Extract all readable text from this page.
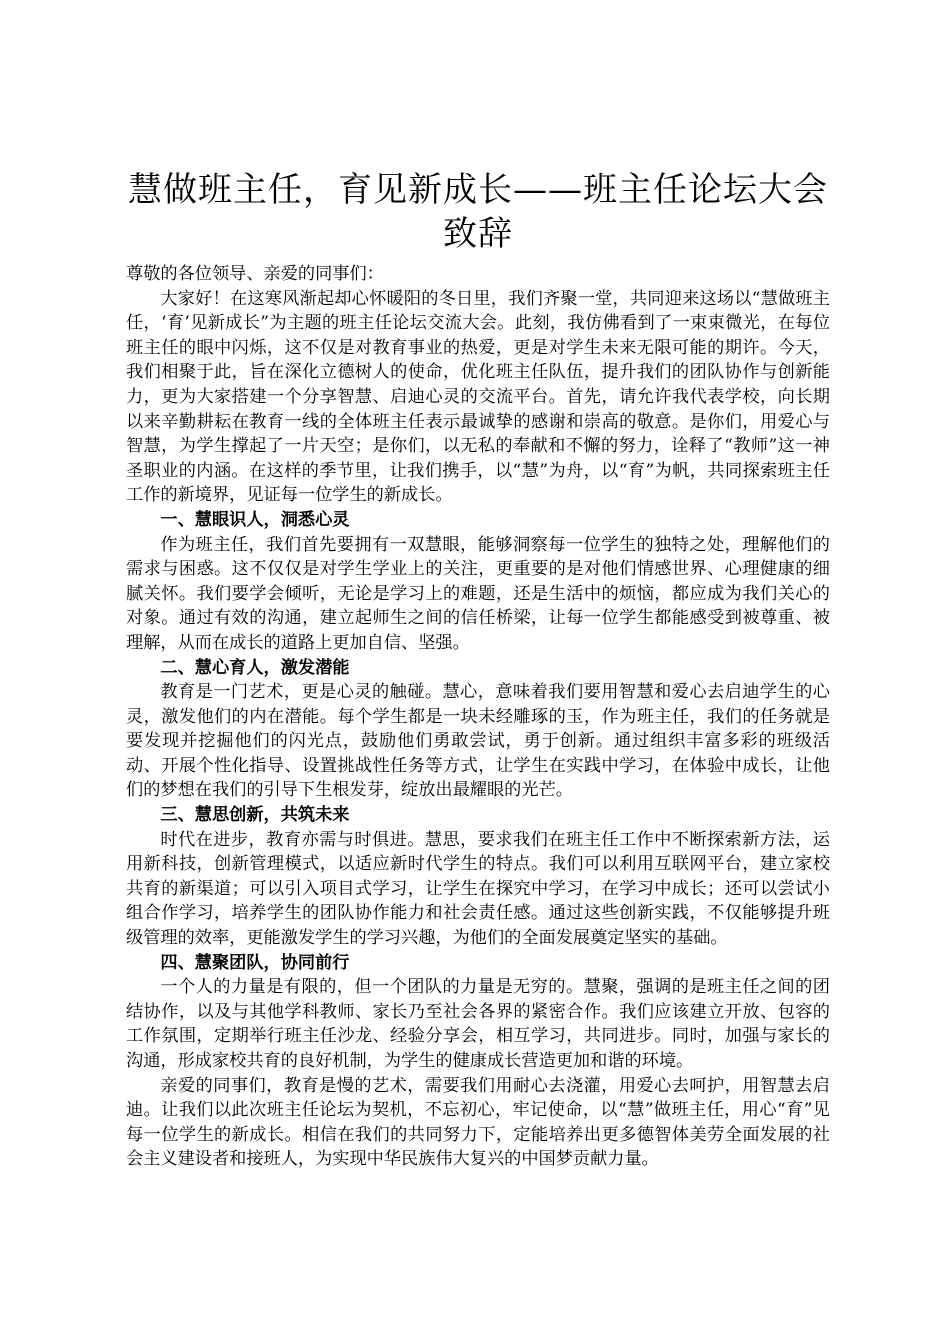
慧做班主任，育见新成长——班主任论坛大会致辞

尊敬的各位领导、亲爱的同事们：

大家好！在这寒风渐起却心怀暖阳的冬日里，我们齐聚一堂，共同迎来这场以“慧做班主任，‘育’见新成长”为主题的班主任论坛交流大会。此刻，我仿佛看到了一束束微光，在每位班主任的眼中闪烁，这不仅是对教育事业的热爱，更是对学生未来无限可能的期许。今天，我们相聚于此，旨在深化立德树人的使命，优化班主任队伍，提升我们的团队协作与创新能力，更为大家搭建一个分享智慧、启迪心灵的交流平台。首先，请允许我代表学校，向长期以来辛勤耕耘在教育一线的全体班主任表示最诚挚的感谢和崇高的敬意。是你们，用爱心与智慧，为学生撑起了一片天空；是你们，以无私的奉献和不懈的努力，诠释了“教师”这一神圣职业的内涵。在这样的季节里，让我们携手，以“慧”为舟，以“育”为帆，共同探索班主任工作的新境界，见证每一位学生的新成长。

一、慧眼识人，洞悉心灵

作为班主任，我们首先要拥有一双慧眼，能够洞察每一位学生的独特之处，理解他们的需求与困惑。这不仅仅是对学生学业上的关注，更重要的是对他们情感世界、心理健康的细腻关怀。我们要学会倾听，无论是学习上的难题，还是生活中的烦恼，都应成为我们关心的对象。通过有效的沟通，建立起师生之间的信任桥梁，让每一位学生都能感受到被尊重、被理解，从而在成长的道路上更加自信、坚强。

二、慧心育人，激发潜能

教育是一门艺术，更是心灵的触碰。慧心，意味着我们要用智慧和爱心去启迪学生的心灵，激发他们的内在潜能。每个学生都是一块未经雕琢的玉，作为班主任，我们的任务就是要发现并挖掘他们的闪光点，鼓励他们勇敢尝试，勇于创新。通过组织丰富多彩的班级活动、开展个性化指导、设置挑战性任务等方式，让学生在实践中学习，在体验中成长，让他们的梦想在我们的引导下生根发芽，绽放出最耀眼的光芒。

三、慧思创新，共筑未来

时代在进步，教育亦需与时俱进。慧思，要求我们在班主任工作中不断探索新方法，运用新科技，创新管理模式，以适应新时代学生的特点。我们可以利用互联网平台，建立家校共育的新渠道；可以引入项目式学习，让学生在探究中学习，在学习中成长；还可以尝试小组合作学习，培养学生的团队协作能力和社会责任感。通过这些创新实践，不仅能够提升班级管理的效率，更能激发学生的学习兴趣，为他们的全面发展奠定坚实的基础。

四、慧聚团队，协同前行

一个人的力量是有限的，但一个团队的力量是无穷的。慧聚，强调的是班主任之间的团结协作，以及与其他学科教师、家长乃至社会各界的紧密合作。我们应该建立开放、包容的工作氛围，定期举行班主任沙龙、经验分享会，相互学习，共同进步。同时，加强与家长的沟通，形成家校共育的良好机制，为学生的健康成长营造更加和谐的环境。

亲爱的同事们，教育是慢的艺术，需要我们用耐心去浇灌，用爱心去呵护，用智慧去启迪。让我们以此次班主任论坛为契机，不忘初心，牢记使命，以“慧”做班主任，用心“育”见每一位学生的新成长。相信在我们的共同努力下，定能培养出更多德智体美劳全面发展的社会主义建设者和接班人，为实现中华民族伟大复兴的中国梦贡献力量。
